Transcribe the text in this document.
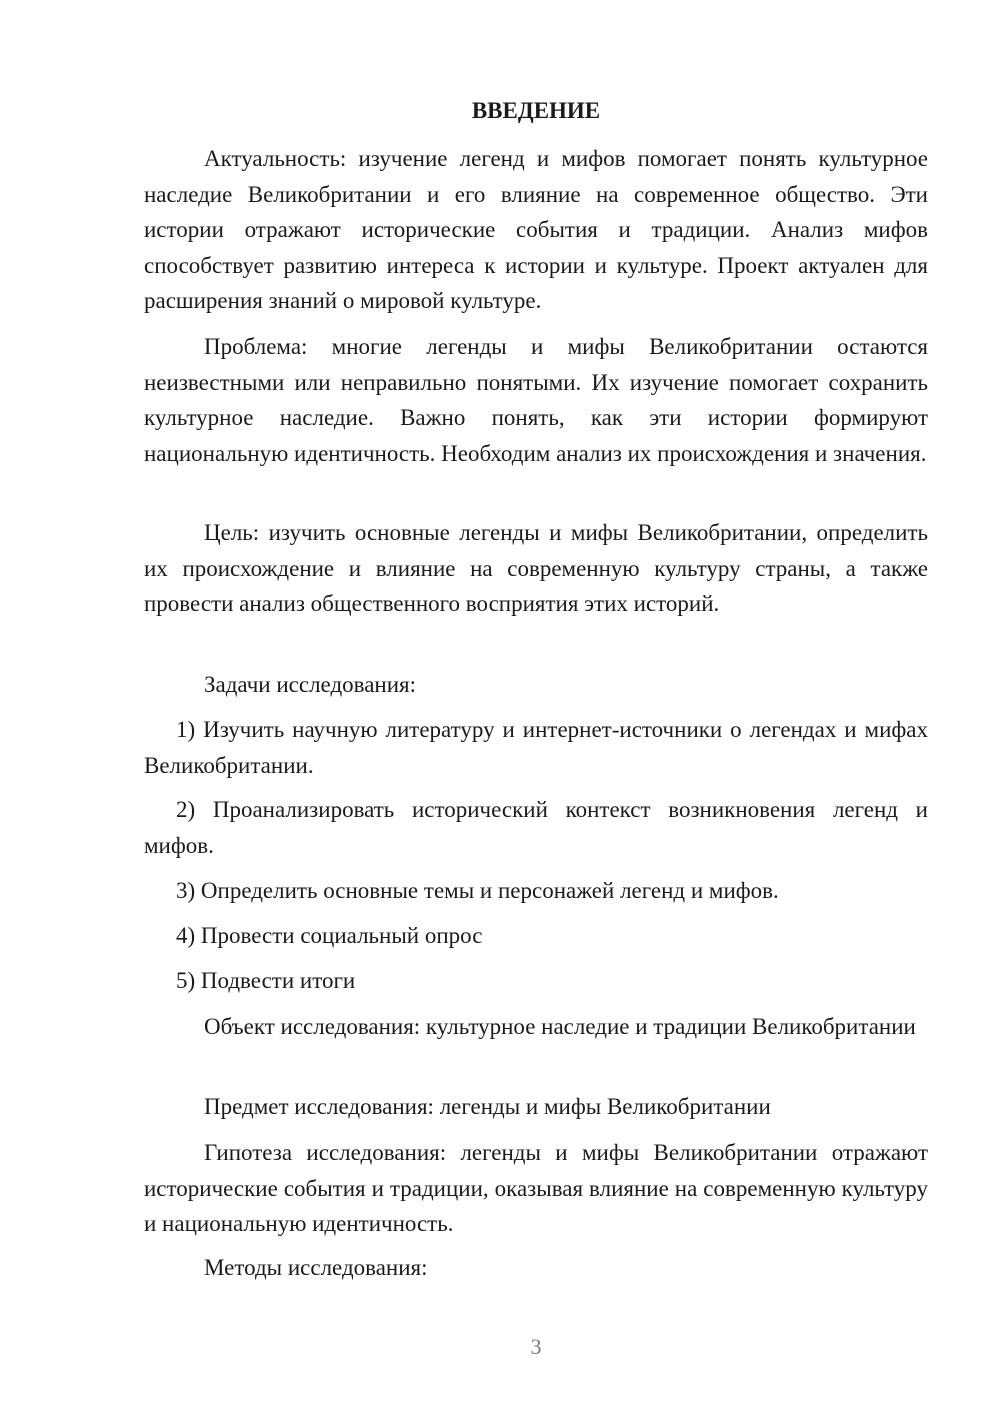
ВВЕДЕНИЕ

Актуальность: изучение легенд и мифов помогает понять культурное наследие Великобритании и его влияние на современное общество. Эти истории отражают исторические события и традиции. Анализ мифов способствует развитию интереса к истории и культуре. Проект актуален для расширения знаний о мировой культуре.

Проблема: многие легенды и мифы Великобритании остаются неизвестными или неправильно понятыми. Их изучение помогает сохранить культурное наследие. Важно понять, как эти истории формируют национальную идентичность. Необходим анализ их происхождения и значения.

Цель: изучить основные легенды и мифы Великобритании, определить их происхождение и влияние на современную культуру страны, а также провести анализ общественного восприятия этих историй.

Задачи исследования:

1) Изучить научную литературу и интернет-источники о легендах и мифах Великобритании.

2) Проанализировать исторический контекст возникновения легенд и мифов.

3) Определить основные темы и персонажей легенд и мифов.

4) Провести социальный опрос

5) Подвести итоги

Объект исследования: культурное наследие и традиции Великобритании

Предмет исследования: легенды и мифы Великобритании

Гипотеза исследования: легенды и мифы Великобритании отражают исторические события и традиции, оказывая влияние на современную культуру и национальную идентичность.

Методы исследования:

3
